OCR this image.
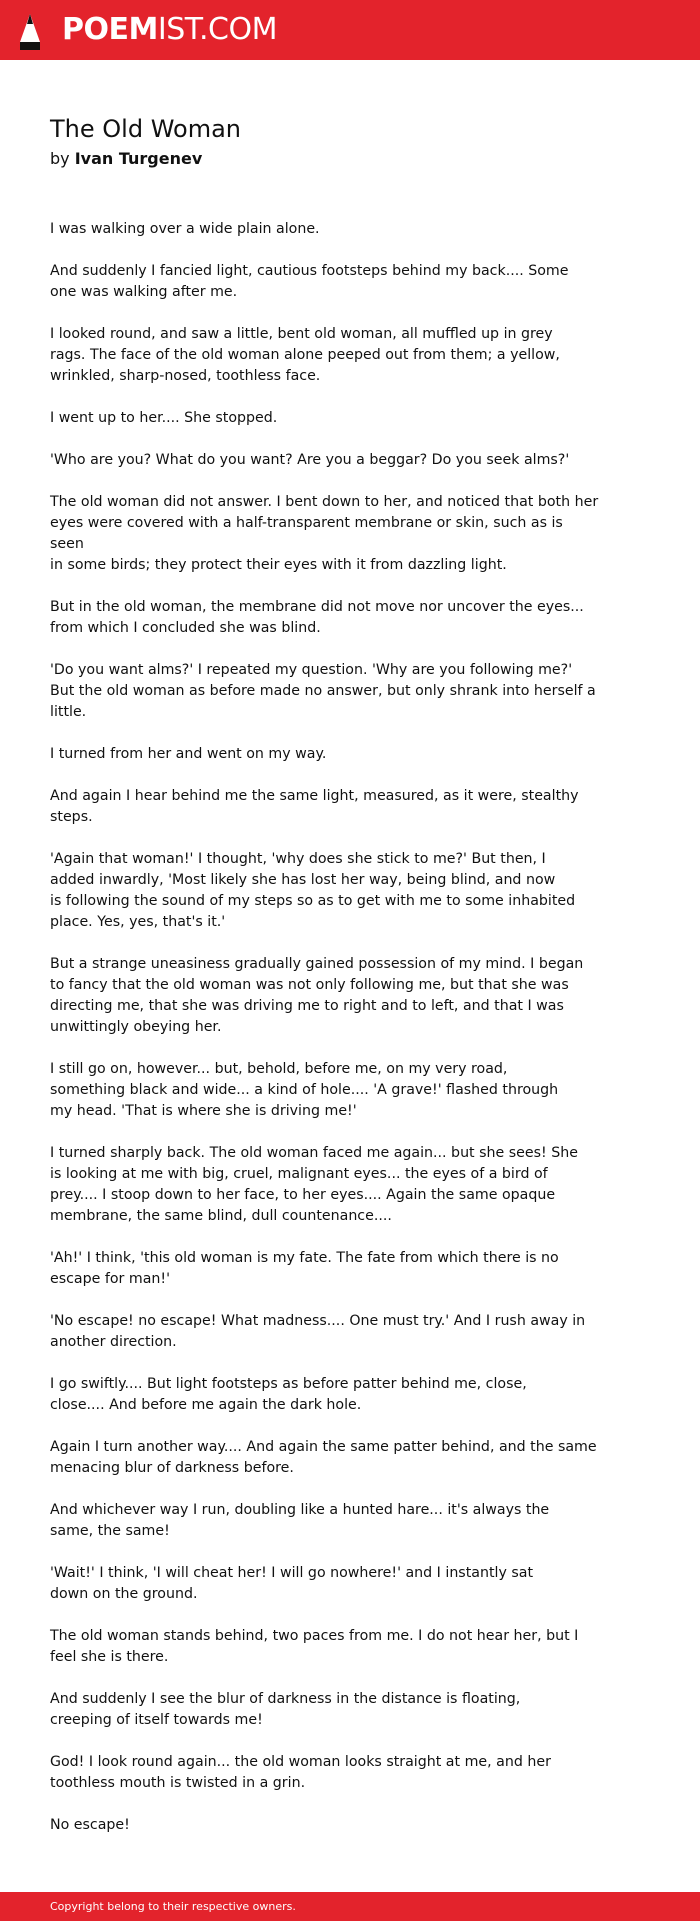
POEMIST.COM
The Old Woman
by Ivan Turgenev

I was walking over a wide plain alone.

And suddenly I fancied light, cautious footsteps behind my back.... Some
one was walking after me.

I looked round, and saw a little, bent old woman, all muffled up in grey
rags. The face of the old woman alone peeped out from them; a yellow,
wrinkled, sharp-nosed, toothless face.

I went up to her.... She stopped.

'Who are you? What do you want? Are you a beggar? Do you seek alms?'

The old woman did not answer. I bent down to her, and noticed that both her
eyes were covered with a half-transparent membrane or skin, such as is seen
in some birds; they protect their eyes with it from dazzling light.

But in the old woman, the membrane did not move nor uncover the eyes...
from which I concluded she was blind.

'Do you want alms?' I repeated my question. 'Why are you following me?'
But the old woman as before made no answer, but only shrank into herself a
little.

I turned from her and went on my way.

And again I hear behind me the same light, measured, as it were, stealthy
steps.

'Again that woman!' I thought, 'why does she stick to me?' But then, I
added inwardly, 'Most likely she has lost her way, being blind, and now
is following the sound of my steps so as to get with me to some inhabited
place. Yes, yes, that's it.'

But a strange uneasiness gradually gained possession of my mind. I began
to fancy that the old woman was not only following me, but that she was
directing me, that she was driving me to right and to left, and that I was
unwittingly obeying her.

I still go on, however... but, behold, before me, on my very road,
something black and wide... a kind of hole.... 'A grave!' flashed through
my head. 'That is where she is driving me!'

I turned sharply back. The old woman faced me again... but she sees! She
is looking at me with big, cruel, malignant eyes... the eyes of a bird of
prey.... I stoop down to her face, to her eyes.... Again the same opaque
membrane, the same blind, dull countenance....

'Ah!' I think, 'this old woman is my fate. The fate from which there is no
escape for man!'

'No escape! no escape! What madness.... One must try.' And I rush away in
another direction.

I go swiftly.... But light footsteps as before patter behind me, close,
close.... And before me again the dark hole.

Again I turn another way.... And again the same patter behind, and the same
menacing blur of darkness before.

And whichever way I run, doubling like a hunted hare... it's always the
same, the same!

'Wait!' I think, 'I will cheat her! I will go nowhere!' and I instantly sat
down on the ground.

The old woman stands behind, two paces from me. I do not hear her, but I
feel she is there.

And suddenly I see the blur of darkness in the distance is floating,
creeping of itself towards me!

God! I look round again... the old woman looks straight at me, and her
toothless mouth is twisted in a grin.

No escape!

Copyright belong to their respective owners.
